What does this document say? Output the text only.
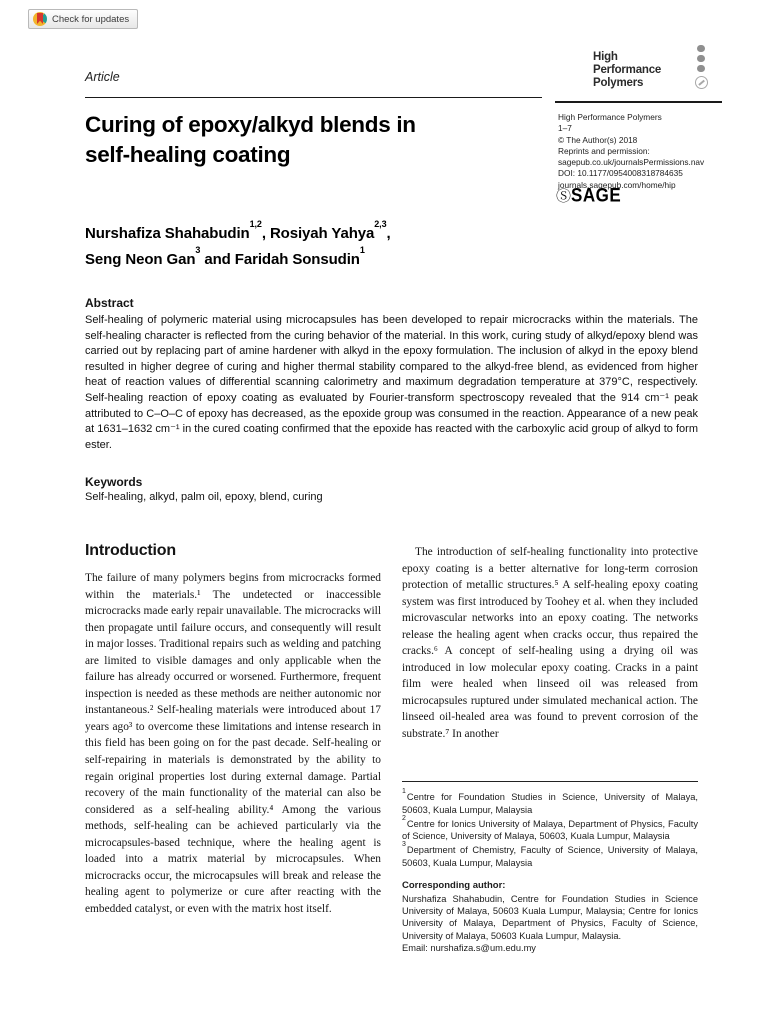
Check for updates
Article
High
Performance
Polymers
Curing of epoxy/alkyd blends in
self-healing coating
High Performance Polymers
1–7
© The Author(s) 2018
Reprints and permission:
sagepub.co.uk/journalsPermissions.nav
DOI: 10.1177/0954008318784635
journals.sagepub.com/home/hip
Ⓢ SAGE
Nurshafiza Shahabudin$^{1,2}$, Rosiyah Yahya$^{2,3}$,
Seng Neon Gan$^3$ and Faridah Sonsudin$^1$
Abstract
Self-healing of polymeric material using microcapsules has been developed to repair microcracks within the materials. The self-healing character is reflected from the curing behavior of the material. In this work, curing study of alkyd/epoxy blend was carried out by replacing part of amine hardener with alkyd in the epoxy formulation. The inclusion of alkyd in the epoxy blend resulted in higher degree of curing and higher thermal stability compared to the alkyd-free blend, as evidenced from higher heat of reaction values of differential scanning calorimetry and maximum degradation temperature at 379°C, respectively. Self-healing reaction of epoxy coating as evaluated by Fourier-transform spectroscopy revealed that the 914 cm⁻¹ peak attributed to C–O–C of epoxy has decreased, as the epoxide group was consumed in the reaction. Appearance of a new peak at 1631–1632 cm⁻¹ in the cured coating confirmed that the epoxide has reacted with the carboxylic acid group of alkyd to form ester.
Keywords
Self-healing, alkyd, palm oil, epoxy, blend, curing
Introduction
The failure of many polymers begins from microcracks formed within the materials.¹ The undetected or inaccessible microcracks made early repair unavailable. The microcracks will then propagate until failure occurs, and consequently will result in major losses. Traditional repairs such as welding and patching are limited to visible damages and only applicable when the failure has already occurred or worsened. Furthermore, frequent inspection is needed as these methods are neither autonomic nor instantaneous.² Self-healing materials were introduced about 17 years ago³ to overcome these limitations and intense research in this field has been going on for the past decade. Self-healing or self-repairing in materials is demonstrated by the ability to regain original properties lost during external damage. Partial recovery of the main functionality of the material can also be considered as a self-healing ability.⁴ Among the various methods, self-healing can be achieved particularly via the microcapsules-based technique, where the healing agent is loaded into a matrix material by microcapsules. When microcracks occur, the microcapsules will break and release the healing agent to polymerize or cure after reacting with the embedded catalyst, or even with the matrix host itself.
The introduction of self-healing functionality into protective epoxy coating is a better alternative for long-term corrosion protection of metallic structures.⁵ A self-healing epoxy coating system was first introduced by Toohey et al. when they included microvascular networks into an epoxy coating. The networks release the healing agent when cracks occur, thus repaired the cracks.⁶ A concept of self-healing using a drying oil was introduced in low molecular epoxy coating. Cracks in a paint film were healed when linseed oil was released from microcapsules ruptured under simulated mechanical action. The linseed oil-healed area was found to prevent corrosion of the substrate.⁷ In another
$^1$Centre for Foundation Studies in Science, University of Malaya, 50603, Kuala Lumpur, Malaysia
$^2$Centre for Ionics University of Malaya, Department of Physics, Faculty of Science, University of Malaya, 50603, Kuala Lumpur, Malaysia
$^3$Department of Chemistry, Faculty of Science, University of Malaya, 50603, Kuala Lumpur, Malaysia
Corresponding author:
Nurshafiza Shahabudin, Centre for Foundation Studies in Science University of Malaya, 50603 Kuala Lumpur, Malaysia; Centre for Ionics University of Malaya, Department of Physics, Faculty of Science, University of Malaya, 50603 Kuala Lumpur, Malaysia.
Email: nurshafiza.s@um.edu.my
